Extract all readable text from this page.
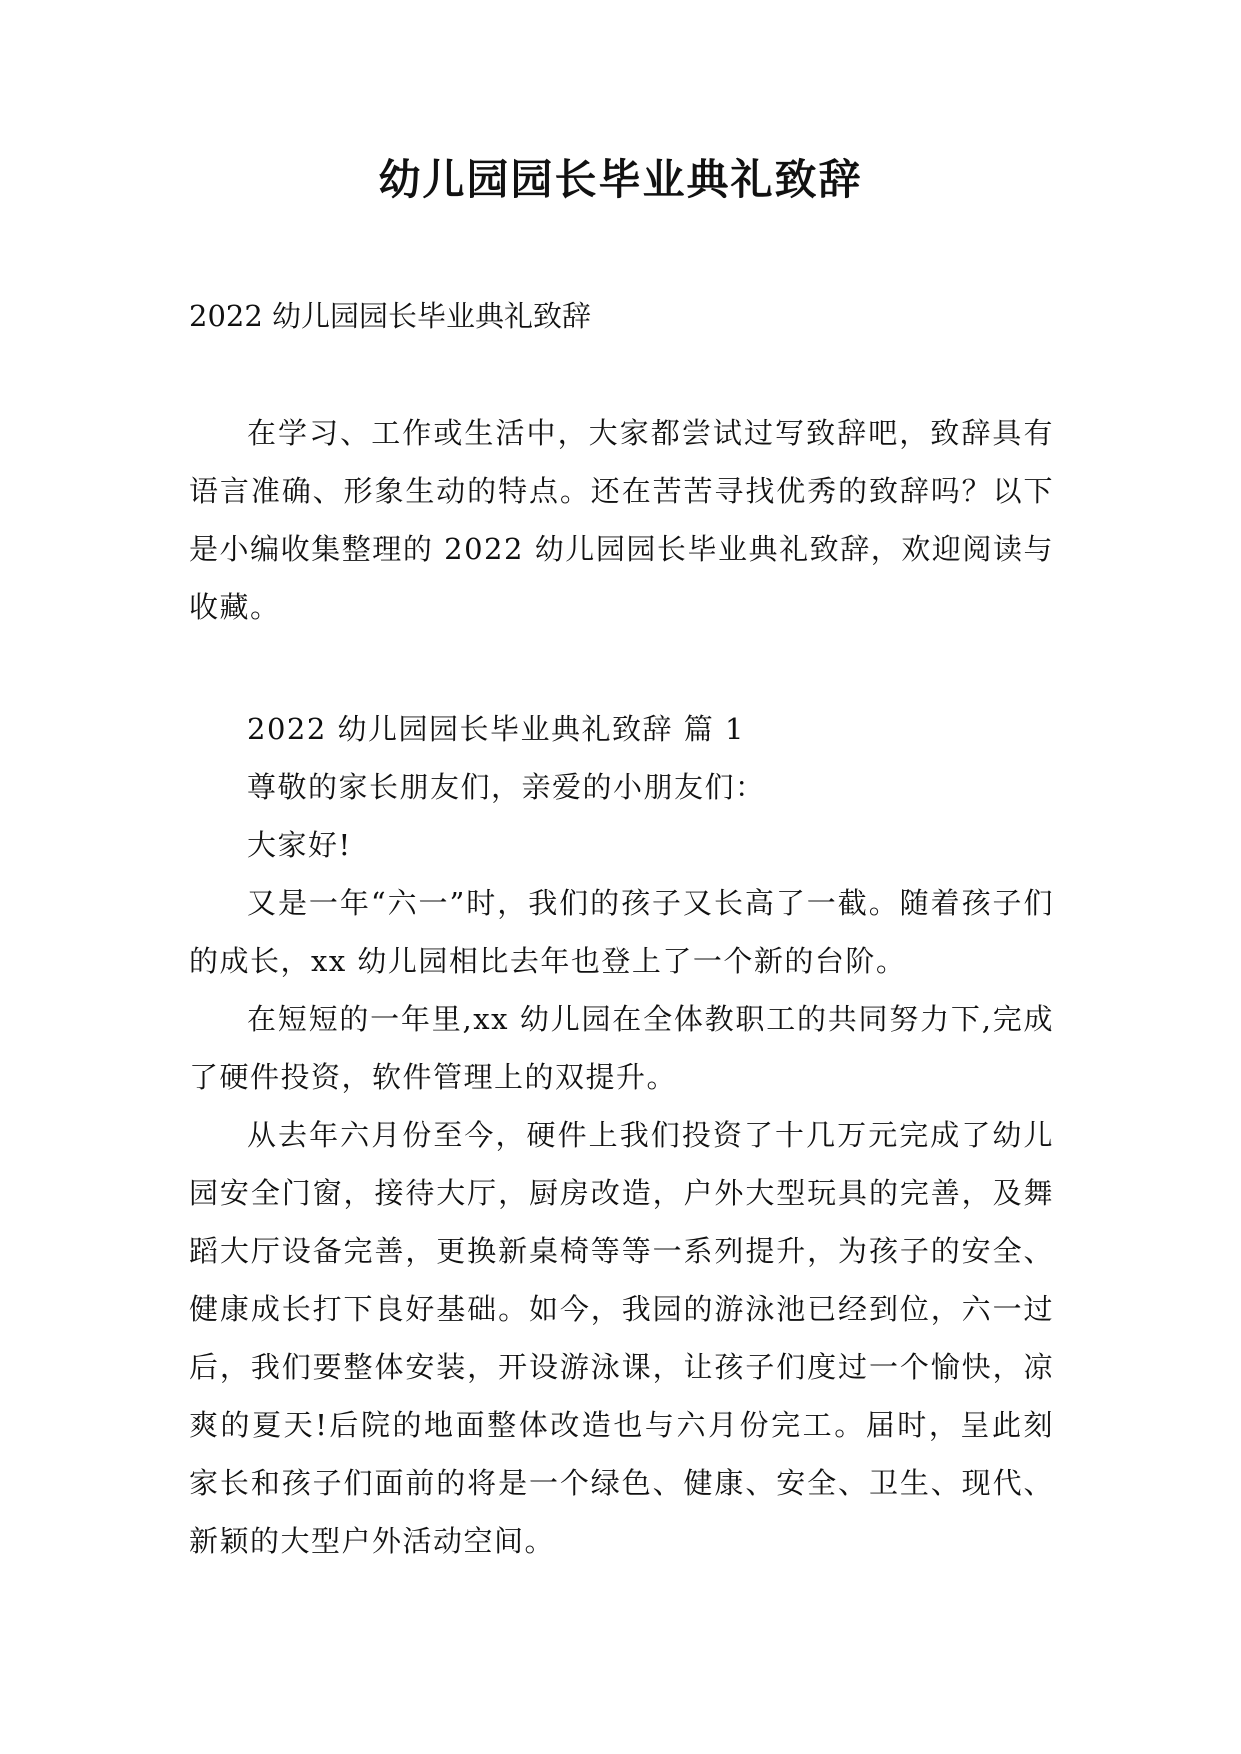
幼儿园园长毕业典礼致辞
2022 幼儿园园长毕业典礼致辞

在学习、工作或生活中，大家都尝试过写致辞吧，致辞具有语言准确、形象生动的特点。还在苦苦寻找优秀的致辞吗？以下是小编收集整理的 2022 幼儿园园长毕业典礼致辞，欢迎阅读与收藏。

2022 幼儿园园长毕业典礼致辞 篇 1

尊敬的家长朋友们，亲爱的小朋友们：

大家好!

又是一年“六一”时，我们的孩子又长高了一截。随着孩子们的成长，xx 幼儿园相比去年也登上了一个新的台阶。

在短短的一年里,xx 幼儿园在全体教职工的共同努力下,完成了硬件投资，软件管理上的双提升。

从去年六月份至今，硬件上我们投资了十几万元完成了幼儿园安全门窗，接待大厅，厨房改造，户外大型玩具的完善，及舞蹈大厅设备完善，更换新桌椅等等一系列提升，为孩子的安全、健康成长打下良好基础。如今，我园的游泳池已经到位，六一过后，我们要整体安装，开设游泳课，让孩子们度过一个愉快，凉爽的夏天!后院的地面整体改造也与六月份完工。届时，呈此刻家长和孩子们面前的将是一个绿色、健康、安全、卫生、现代、新颖的大型户外活动空间。
